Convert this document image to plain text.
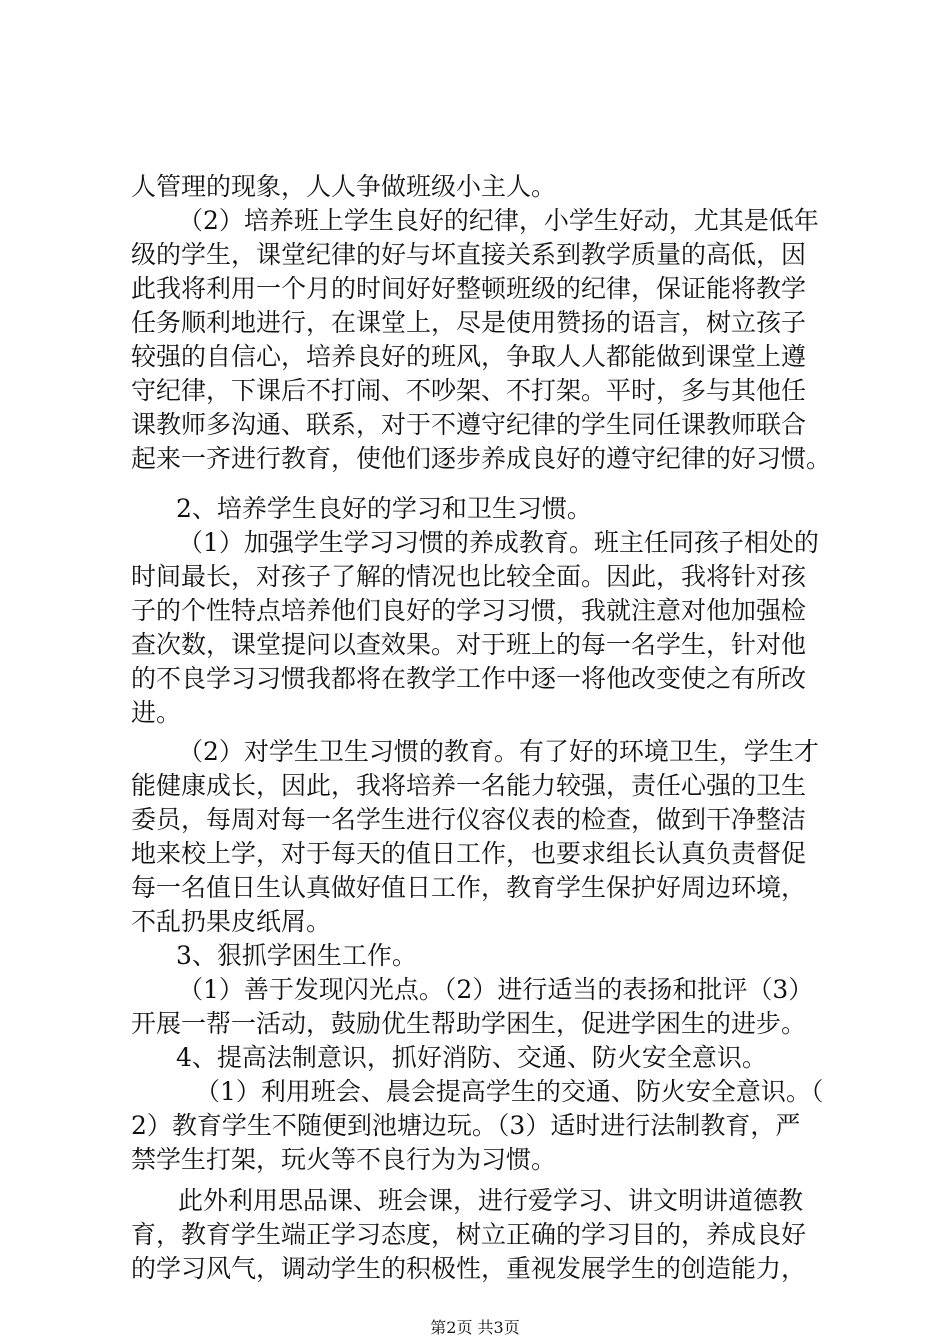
人管理的现象，人人争做班级小主人。
（2）培养班上学生良好的纪律，小学生好动，尤其是低年
级的学生，课堂纪律的好与坏直接关系到教学质量的高低，因
此我将利用一个月的时间好好整顿班级的纪律，保证能将教学
任务顺利地进行，在课堂上，尽是使用赞扬的语言，树立孩子
较强的自信心，培养良好的班风，争取人人都能做到课堂上遵
守纪律，下课后不打闹、不吵架、不打架。平时，多与其他任
课教师多沟通、联系，对于不遵守纪律的学生同任课教师联合
起来一齐进行教育，使他们逐步养成良好的遵守纪律的好习惯。
2、培养学生良好的学习和卫生习惯。
（1）加强学生学习习惯的养成教育。班主任同孩子相处的
时间最长，对孩子了解的情况也比较全面。因此，我将针对孩
子的个性特点培养他们良好的学习习惯，我就注意对他加强检
查次数，课堂提问以查效果。对于班上的每一名学生，针对他
的不良学习习惯我都将在教学工作中逐一将他改变使之有所改
进。
（2）对学生卫生习惯的教育。有了好的环境卫生，学生才
能健康成长，因此，我将培养一名能力较强，责任心强的卫生
委员，每周对每一名学生进行仪容仪表的检查，做到干净整洁
地来校上学，对于每天的值日工作，也要求组长认真负责督促
每一名值日生认真做好值日工作，教育学生保护好周边环境，
不乱扔果皮纸屑。
3、狠抓学困生工作。
（1）善于发现闪光点。（2）进行适当的表扬和批评（3）
开展一帮一活动，鼓励优生帮助学困生，促进学困生的进步。
4、提高法制意识，抓好消防、交通、防火安全意识。
（1）利用班会、晨会提高学生的交通、防火安全意识。（
2）教育学生不随便到池塘边玩。（3）适时进行法制教育，严
禁学生打架，玩火等不良行为为习惯。
此外利用思品课、班会课，进行爱学习、讲文明讲道德教
育，教育学生端正学习态度，树立正确的学习目的，养成良好
的学习风气，调动学生的积极性，重视发展学生的创造能力，
第2页 共3页
